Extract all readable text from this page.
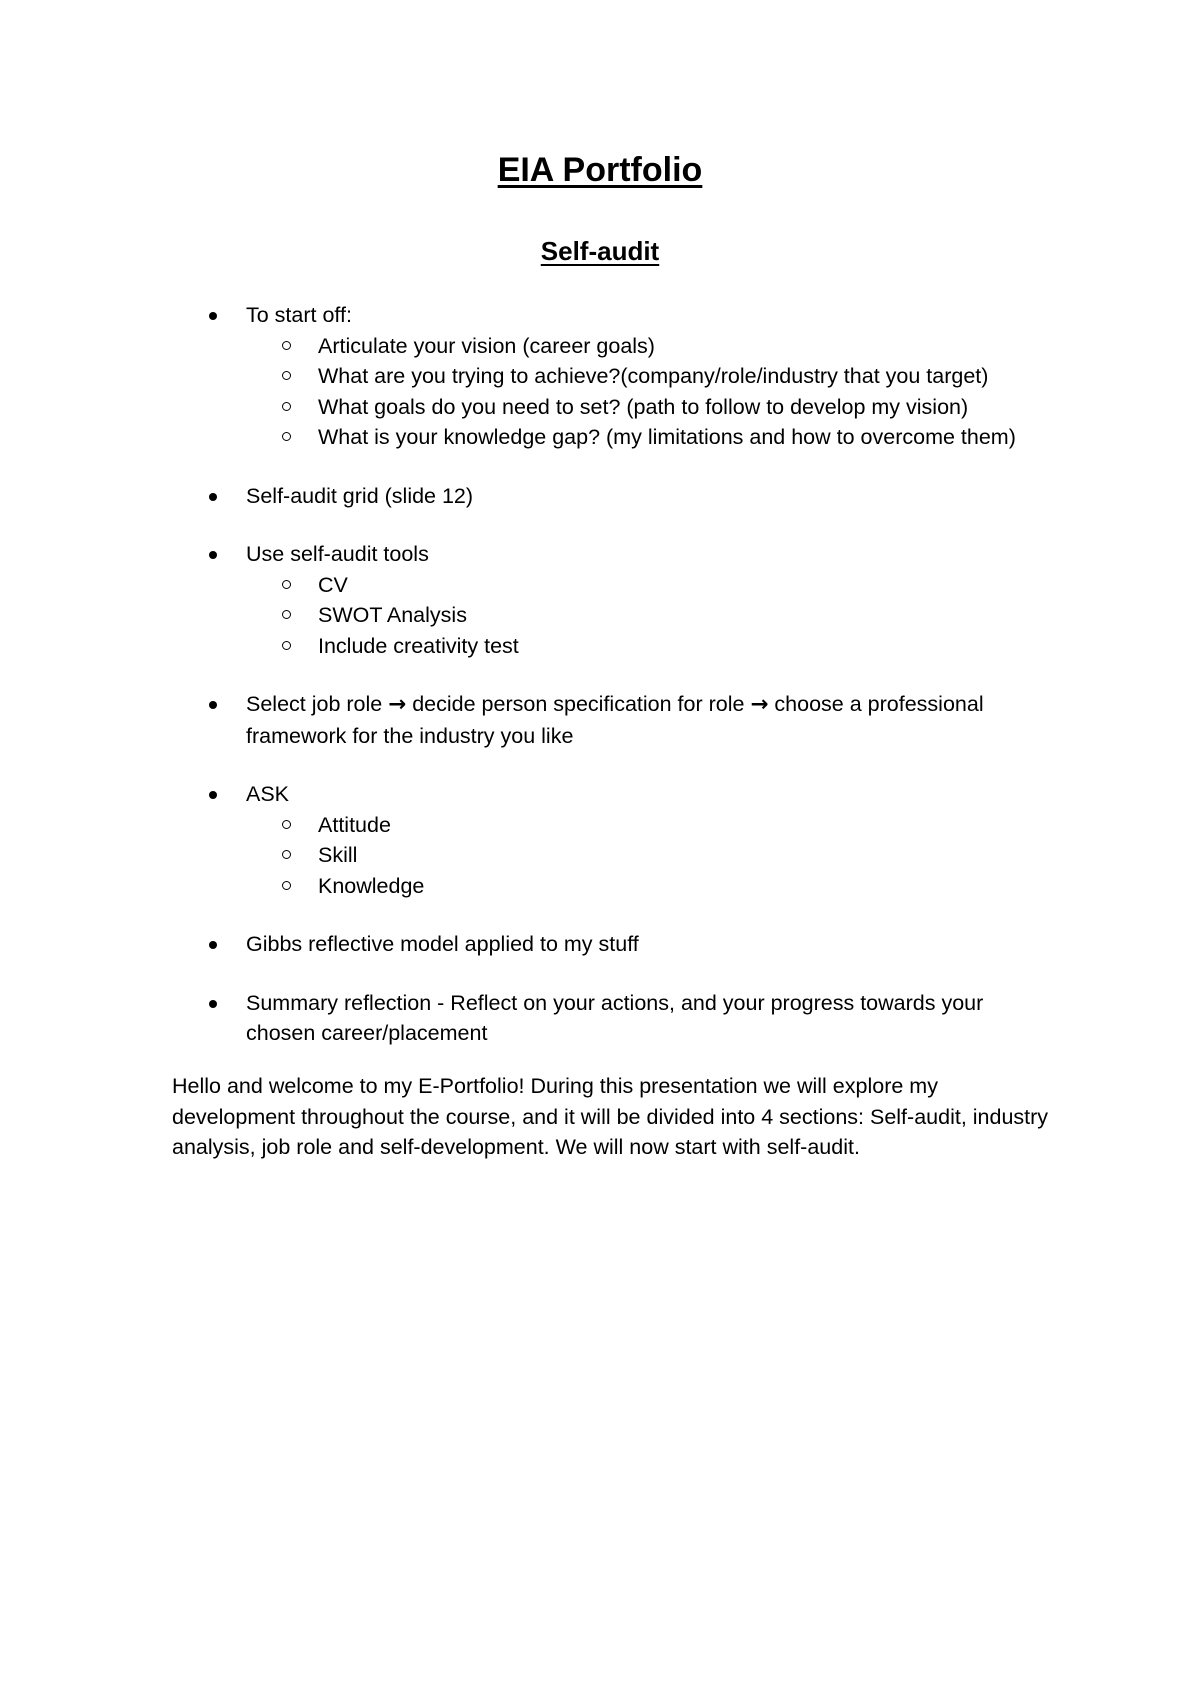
EIA Portfolio
Self-audit
To start off:
Articulate your vision (career goals)
What are you trying to achieve?(company/role/industry that you target)
What goals do you need to set? (path to follow to develop my vision)
What is your knowledge gap? (my limitations and how to overcome them)
Self-audit grid (slide 12)
Use self-audit tools
CV
SWOT Analysis
Include creativity test
Select job role → decide person specification for role → choose a professional framework for the industry you like
ASK
Attitude
Skill
Knowledge
Gibbs reflective model applied to my stuff
Summary reflection - Reflect on your actions, and your progress towards your chosen career/placement
Hello and welcome to my E-Portfolio! During this presentation we will explore my development throughout the course, and it will be divided into 4 sections: Self-audit, industry analysis, job role and self-development. We will now start with self-audit.
